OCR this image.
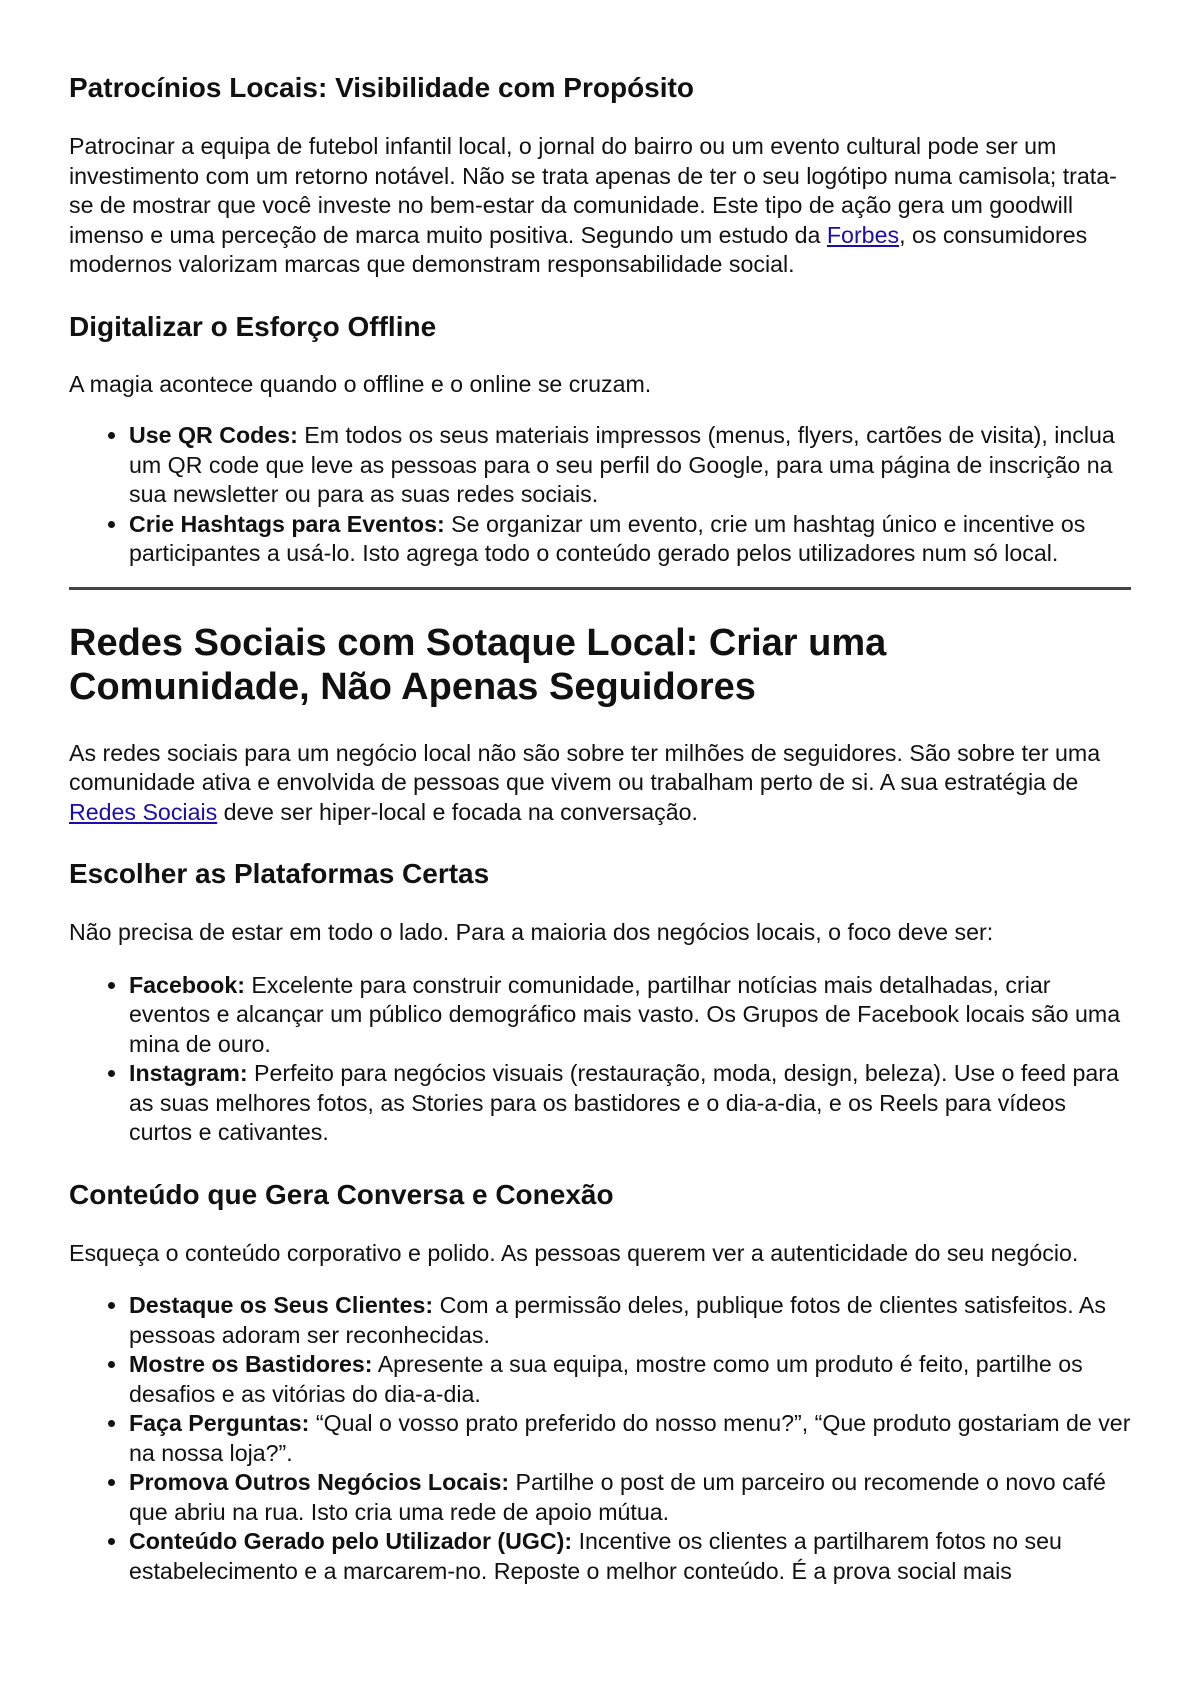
Patrocínios Locais: Visibilidade com Propósito

Patrocinar a equipa de futebol infantil local, o jornal do bairro ou um evento cultural pode ser um investimento com um retorno notável. Não se trata apenas de ter o seu logótipo numa camisola; trata-se de mostrar que você investe no bem-estar da comunidade. Este tipo de ação gera um goodwill imenso e uma perceção de marca muito positiva. Segundo um estudo da Forbes, os consumidores modernos valorizam marcas que demonstram responsabilidade social.

Digitalizar o Esforço Offline

A magia acontece quando o offline e o online se cruzam.

• Use QR Codes: Em todos os seus materiais impressos (menus, flyers, cartões de visita), inclua um QR code que leve as pessoas para o seu perfil do Google, para uma página de inscrição na sua newsletter ou para as suas redes sociais.
• Crie Hashtags para Eventos: Se organizar um evento, crie um hashtag único e incentive os participantes a usá-lo. Isto agrega todo o conteúdo gerado pelos utilizadores num só local.
Redes Sociais com Sotaque Local: Criar uma Comunidade, Não Apenas Seguidores

As redes sociais para um negócio local não são sobre ter milhões de seguidores. São sobre ter uma comunidade ativa e envolvida de pessoas que vivem ou trabalham perto de si. A sua estratégia de Redes Sociais deve ser hiper-local e focada na conversação.

Escolher as Plataformas Certas

Não precisa de estar em todo o lado. Para a maioria dos negócios locais, o foco deve ser:

• Facebook: Excelente para construir comunidade, partilhar notícias mais detalhadas, criar eventos e alcançar um público demográfico mais vasto. Os Grupos de Facebook locais são uma mina de ouro.
• Instagram: Perfeito para negócios visuais (restauração, moda, design, beleza). Use o feed para as suas melhores fotos, as Stories para os bastidores e o dia-a-dia, e os Reels para vídeos curtos e cativantes.
Conteúdo que Gera Conversa e Conexão

Esqueça o conteúdo corporativo e polido. As pessoas querem ver a autenticidade do seu negócio.

• Destaque os Seus Clientes: Com a permissão deles, publique fotos de clientes satisfeitos. As pessoas adoram ser reconhecidas.
• Mostre os Bastidores: Apresente a sua equipa, mostre como um produto é feito, partilhe os desafios e as vitórias do dia-a-dia.
• Faça Perguntas: “Qual o vosso prato preferido do nosso menu?”, “Que produto gostariam de ver na nossa loja?”.
• Promova Outros Negócios Locais: Partilhe o post de um parceiro ou recomende o novo café que abriu na rua. Isto cria uma rede de apoio mútua.
• Conteúdo Gerado pelo Utilizador (UGC): Incentive os clientes a partilharem fotos no seu estabelecimento e a marcarem-no. Reposte o melhor conteúdo. É a prova social mais
